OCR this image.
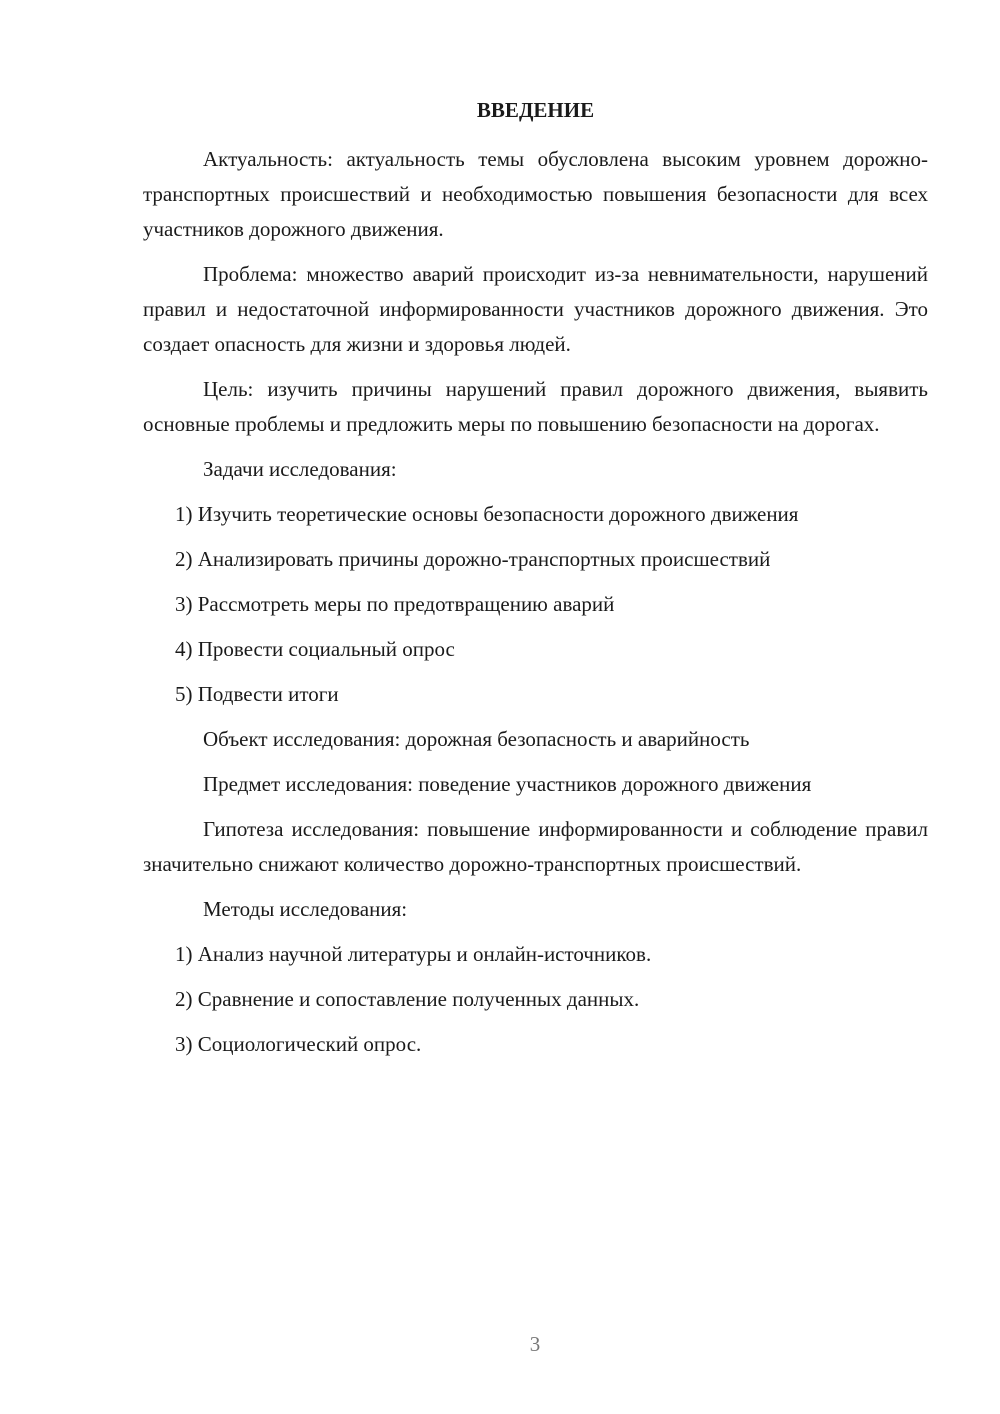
ВВЕДЕНИЕ

Актуальность: актуальность темы обусловлена высоким уровнем дорожно-транспортных происшествий и необходимостью повышения безопасности для всех участников дорожного движения.

Проблема: множество аварий происходит из-за невнимательности, нарушений правил и недостаточной информированности участников дорожного движения. Это создает опасность для жизни и здоровья людей.

Цель: изучить причины нарушений правил дорожного движения, выявить основные проблемы и предложить меры по повышению безопасности на дорогах.

Задачи исследования:
1) Изучить теоретические основы безопасности дорожного движения
2) Анализировать причины дорожно-транспортных происшествий
3) Рассмотреть меры по предотвращению аварий
4) Провести социальный опрос
5) Подвести итоги
Объект исследования: дорожная безопасность и аварийность
Предмет исследования: поведение участников дорожного движения

Гипотеза исследования: повышение информированности и соблюдение правил значительно снижают количество дорожно-транспортных происшествий.

Методы исследования:
1) Анализ научной литературы и онлайн-источников.
2) Сравнение и сопоставление полученных данных.
3) Социологический опрос.
3
